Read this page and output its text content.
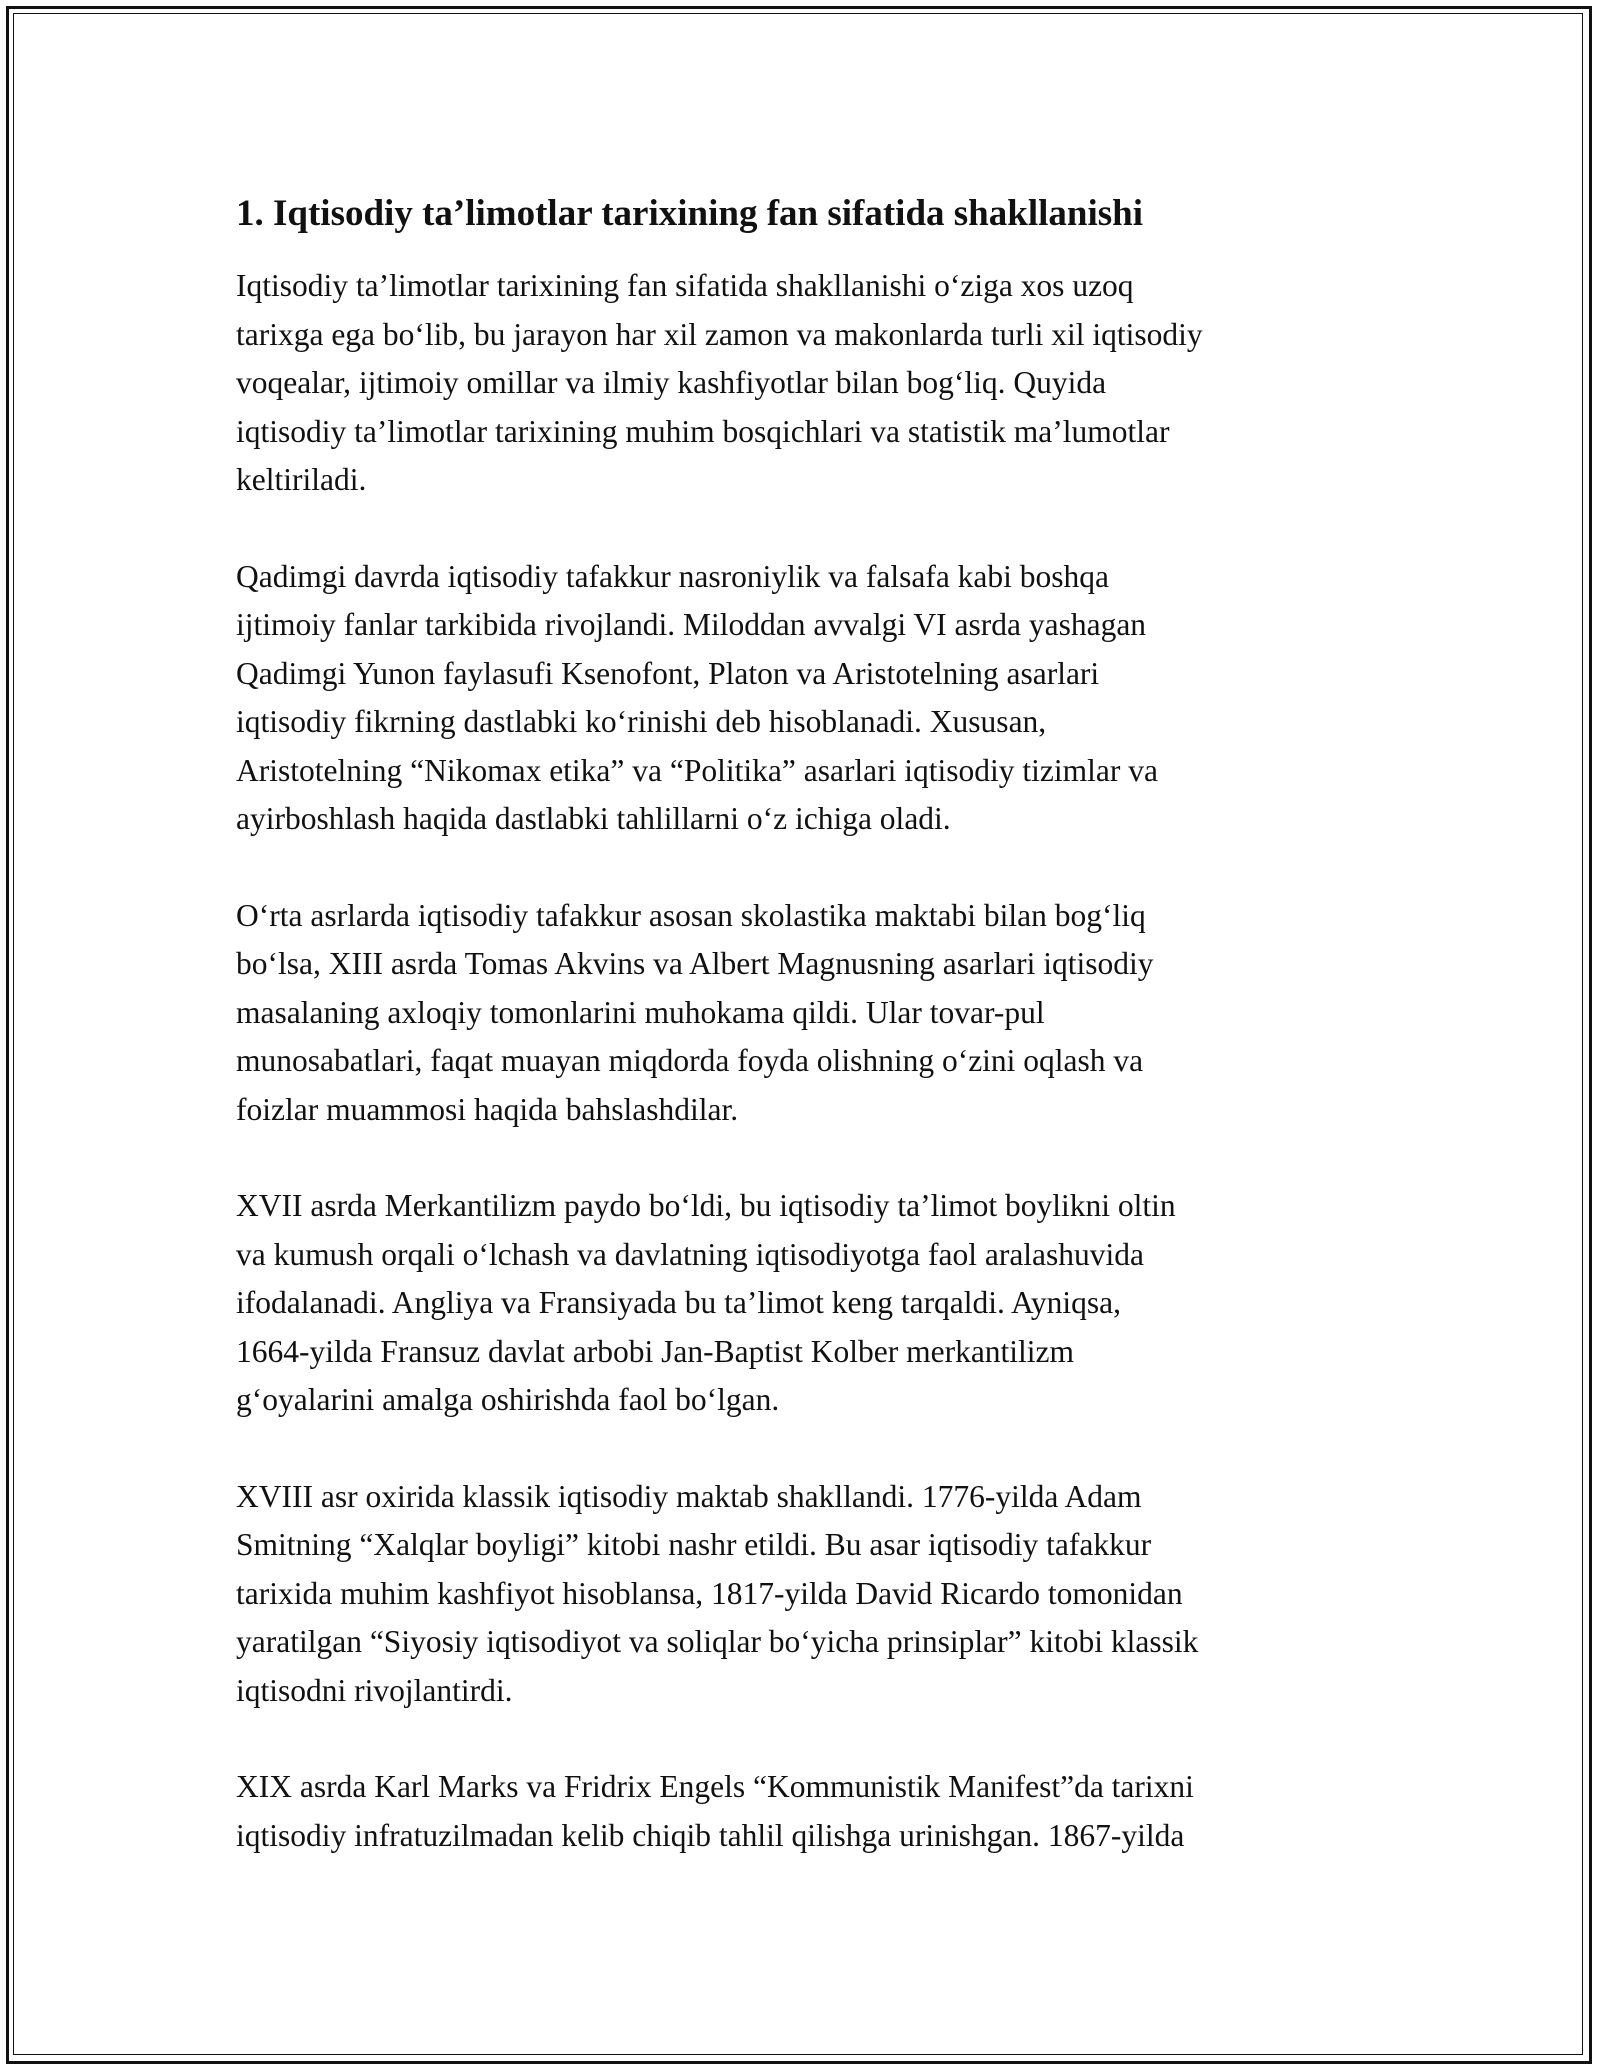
1. Iqtisodiy ta’limotlar tarixining fan sifatida shakllanishi

Iqtisodiy ta’limotlar tarixining fan sifatida shakllanishi o‘ziga xos uzoq
tarixga ega bo‘lib, bu jarayon har xil zamon va makonlarda turli xil iqtisodiy
voqealar, ijtimoiy omillar va ilmiy kashfiyotlar bilan bog‘liq. Quyida
iqtisodiy ta’limotlar tarixining muhim bosqichlari va statistik ma’lumotlar
keltiriladi.

Qadimgi davrda iqtisodiy tafakkur nasroniylik va falsafa kabi boshqa
ijtimoiy fanlar tarkibida rivojlandi. Miloddan avvalgi VI asrda yashagan
Qadimgi Yunon faylasufi Ksenofont, Platon va Aristotelning asarlari
iqtisodiy fikrning dastlabki ko‘rinishi deb hisoblanadi. Xususan,
Aristotelning “Nikomax etika” va “Politika” asarlari iqtisodiy tizimlar va
ayirboshlash haqida dastlabki tahlillarni o‘z ichiga oladi.

O‘rta asrlarda iqtisodiy tafakkur asosan skolastika maktabi bilan bog‘liq
bo‘lsa, XIII asrda Tomas Akvins va Albert Magnusning asarlari iqtisodiy
masalaning axloqiy tomonlarini muhokama qildi. Ular tovar-pul
munosabatlari, faqat muayan miqdorda foyda olishning o‘zini oqlash va
foizlar muammosi haqida bahslashdilar.

XVII asrda Merkantilizm paydo bo‘ldi, bu iqtisodiy ta’limot boylikni oltin
va kumush orqali o‘lchash va davlatning iqtisodiyotga faol aralashuvida
ifodalanadi. Angliya va Fransiyada bu ta’limot keng tarqaldi. Ayniqsa,
1664-yilda Fransuz davlat arbobi Jan-Baptist Kolber merkantilizm
g‘oyalarini amalga oshirishda faol bo‘lgan.

XVIII asr oxirida klassik iqtisodiy maktab shakllandi. 1776-yilda Adam
Smitning “Xalqlar boyligi” kitobi nashr etildi. Bu asar iqtisodiy tafakkur
tarixida muhim kashfiyot hisoblansa, 1817-yilda David Ricardo tomonidan
yaratilgan “Siyosiy iqtisodiyot va soliqlar bo‘yicha prinsiplar” kitobi klassik
iqtisodni rivojlantirdi.

XIX asrda Karl Marks va Fridrix Engels “Kommunistik Manifest”da tarixni
iqtisodiy infratuzilmadan kelib chiqib tahlil qilishga urinishgan. 1867-yilda
